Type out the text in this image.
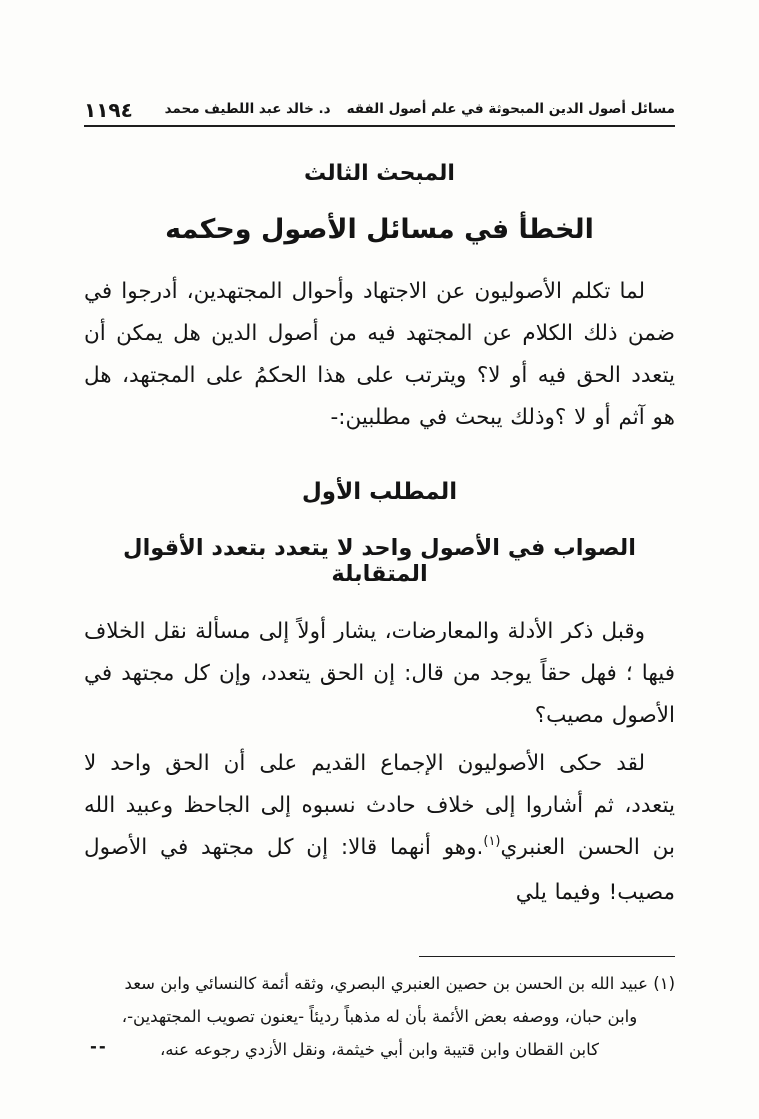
مسائل أصول الدين المبحوثة في علم أصول الفقه
د. خالد عبد اللطيف محمد
١١٩٤
المبحث الثالث
الخطأ في مسائل الأصول وحكمه

لما تكلم الأصوليون عن الاجتهاد وأحوال المجتهدين، أدرجوا في ضمن ذلك الكلام عن المجتهد فيه من أصول الدين هل يمكن أن يتعدد الحق فيه أو لا؟ ويترتب على هذا الحكمُ على المجتهد، هل هو آثم أو لا ؟وذلك يبحث في مطلبين:-

المطلب الأول
الصواب في الأصول واحد لا يتعدد بتعدد الأقوال المتقابلة

وقبل ذكر الأدلة والمعارضات، يشار أولاً إلى مسألة نقل الخلاف فيها ؛ فهل حقاً يوجد من قال: إن الحق يتعدد، وإن كل مجتهد في الأصول مصيب؟

لقد حكى الأصوليون الإجماع القديم على أن الحق واحد لا يتعدد، ثم أشاروا إلى خلاف حادث نسبوه إلى الجاحظ وعبيد الله بن الحسن العنبري$^{(١)}$.وهو أنهما قالا: إن كل مجتهد في الأصول مصيب! وفيما يلي

(١) عبيد الله بن الحسن بن حصين العنبري البصري، وثقه أئمة كالنسائي وابن سعد
وابن حبان، ووصفه بعض الأئمة بأن له مذهباً رديئاً -يعنون تصويب المجتهدين-،
كابن القطان وابن قتيبة وابن أبي خيثمة، ونقل الأزدي رجوعه عنه،
--
